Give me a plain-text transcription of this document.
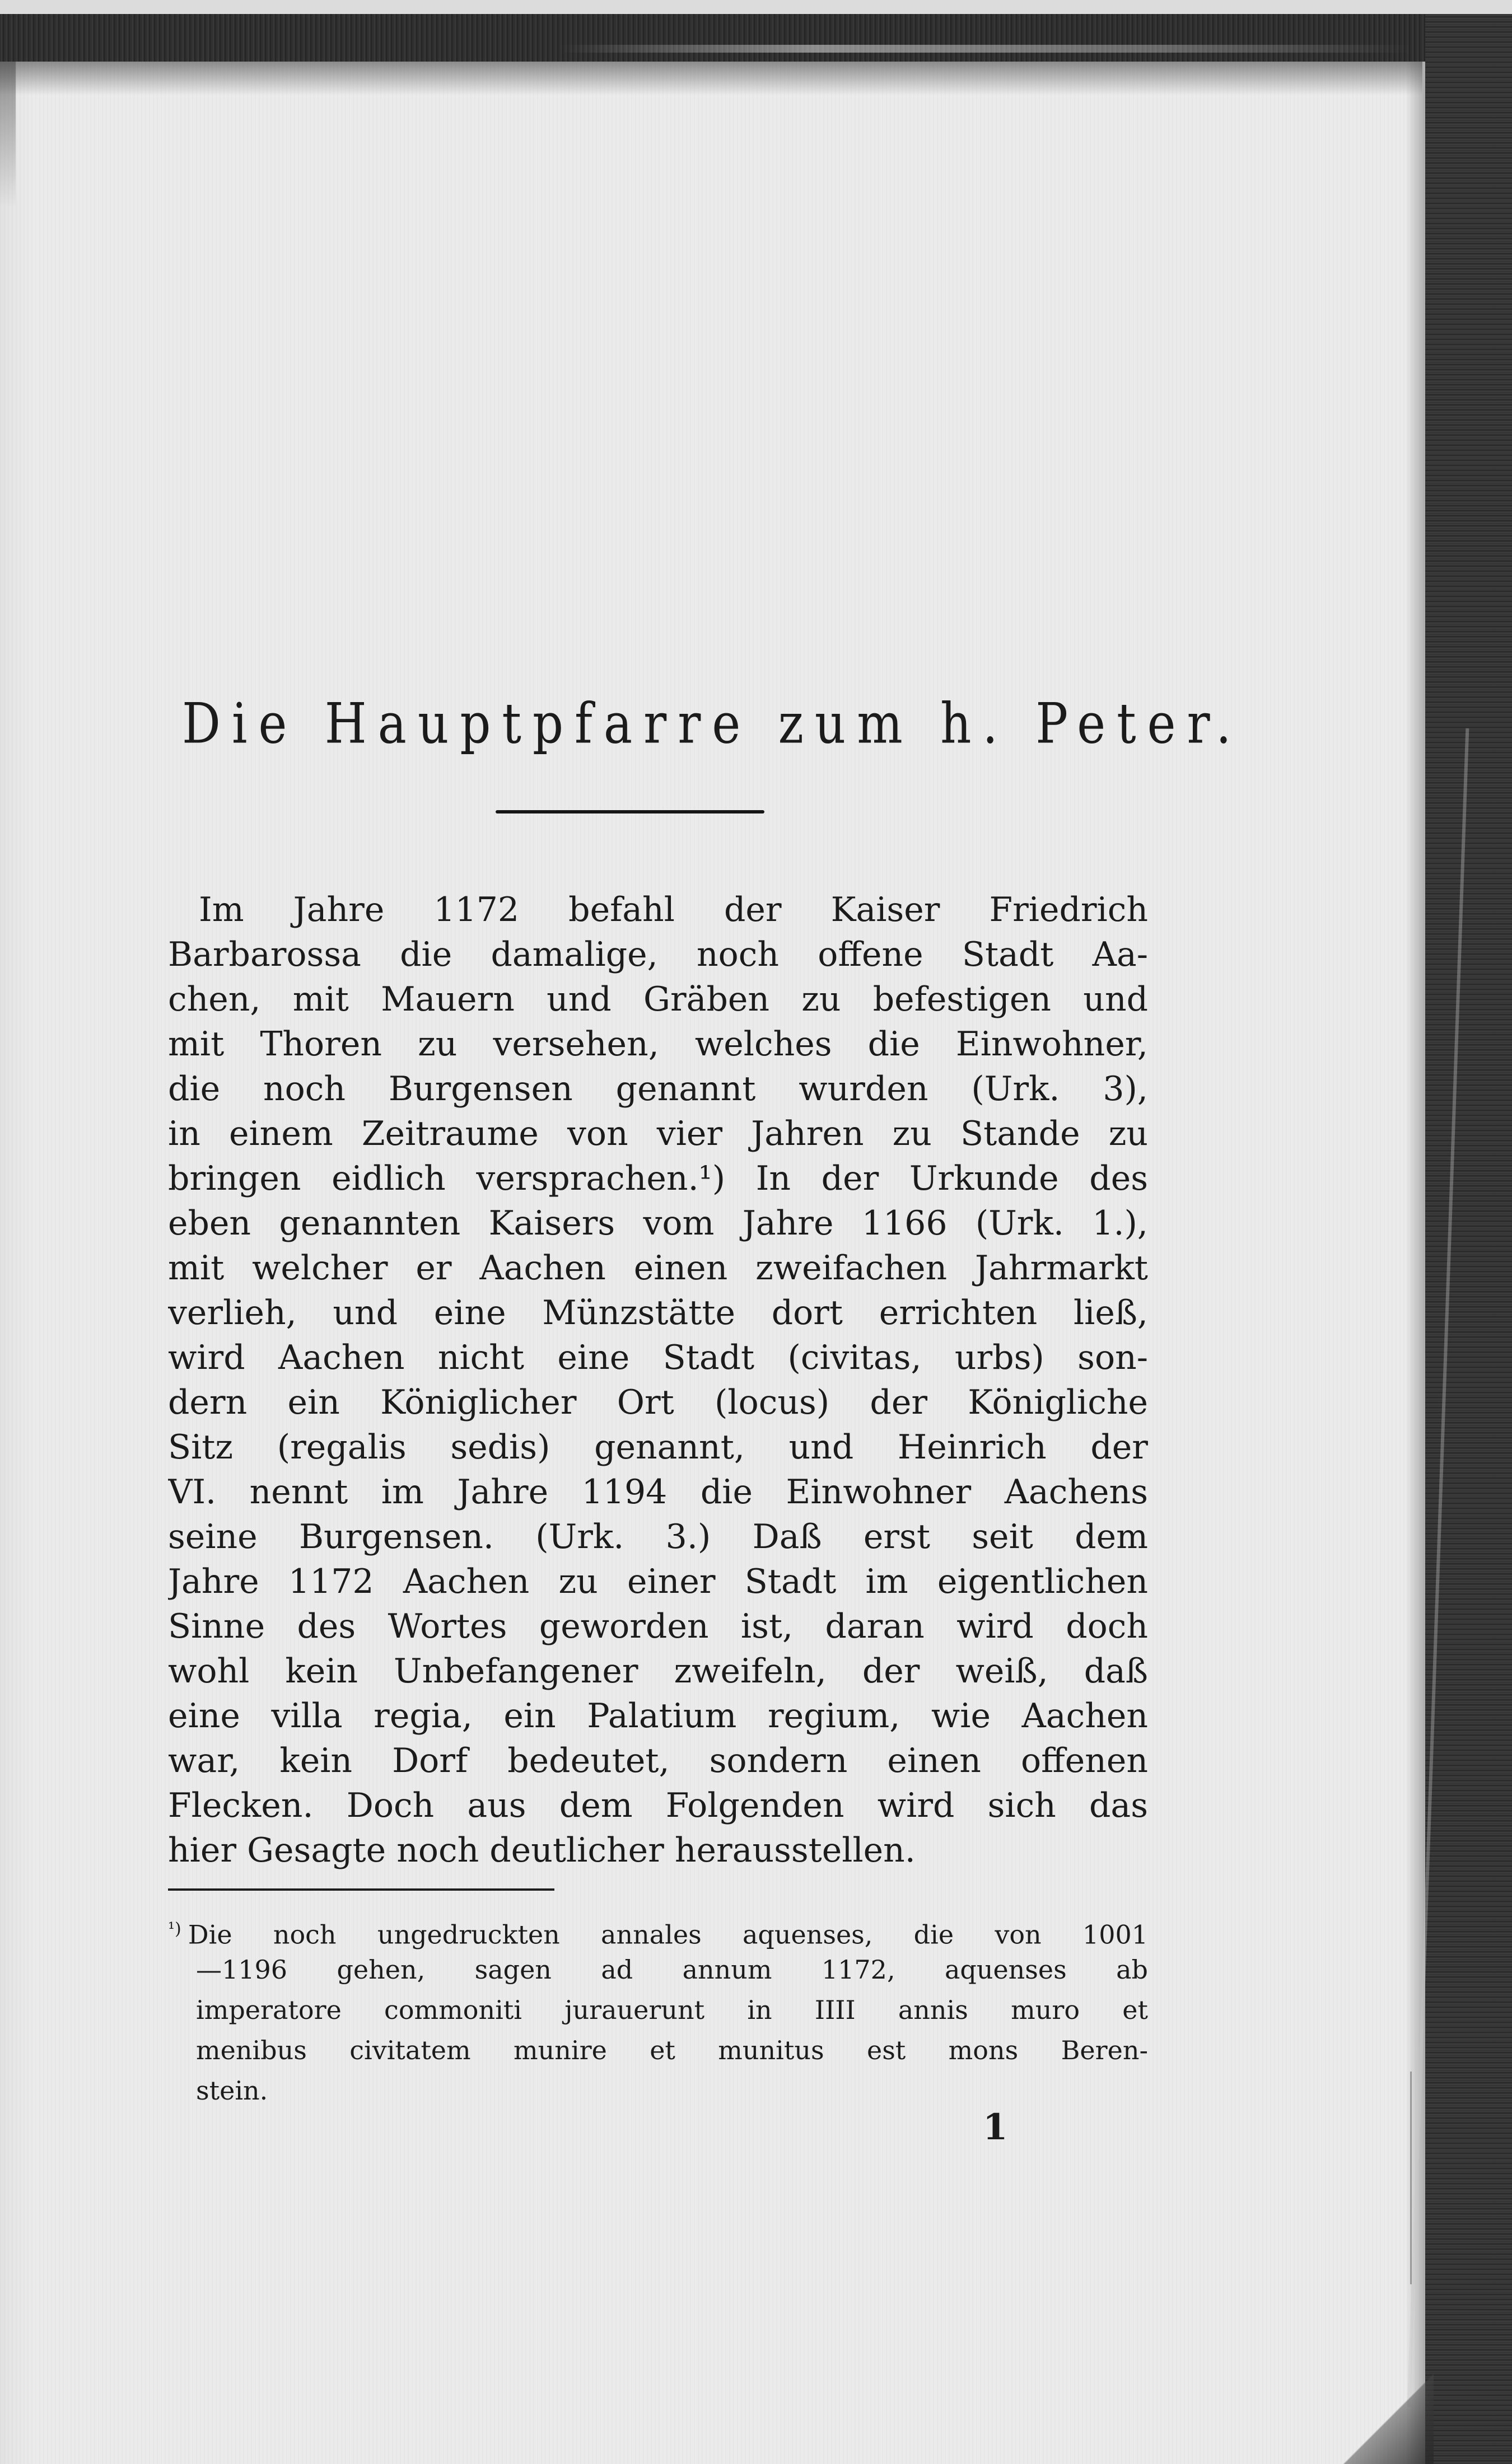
Die Hauptpfarre zum h. Peter.
Im Jahre 1172 befahl der Kaiser Friedrich
Barbarossa die damalige, noch offene Stadt Aa-
chen, mit Mauern und Gräben zu befestigen und
mit Thoren zu versehen, welches die Einwohner,
die noch Burgensen genannt wurden (Urk. 3),
in einem Zeitraume von vier Jahren zu Stande zu
bringen eidlich versprachen.¹) In der Urkunde des
eben genannten Kaisers vom Jahre 1166 (Urk. 1.),
mit welcher er Aachen einen zweifachen Jahrmarkt
verlieh, und eine Münzstätte dort errichten ließ,
wird Aachen nicht eine Stadt (civitas, urbs) son-
dern ein Königlicher Ort (locus) der Königliche
Sitz (regalis sedis) genannt, und Heinrich der
VI. nennt im Jahre 1194 die Einwohner Aachens
seine Burgensen. (Urk. 3.) Daß erst seit dem
Jahre 1172 Aachen zu einer Stadt im eigentlichen
Sinne des Wortes geworden ist, daran wird doch
wohl kein Unbefangener zweifeln, der weiß, daß
eine villa regia, ein Palatium regium, wie Aachen
war, kein Dorf bedeutet, sondern einen offenen
Flecken. Doch aus dem Folgenden wird sich das
hier Gesagte noch deutlicher herausstellen.
$^{^1)}$ Die noch ungedruckten annales aquenses, die von 1001
—1196 gehen, sagen ad annum 1172, aquenses ab
imperatore commoniti jurauerunt in IIII annis muro et
menibus civitatem munire et munitus est mons Beren-
stein.
1
